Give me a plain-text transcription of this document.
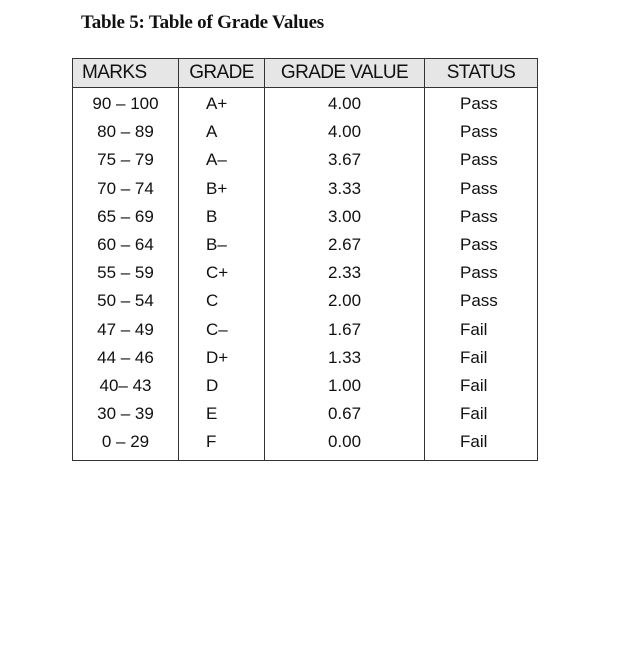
Table 5: Table of Grade Values
MARKS	GRADE	GRADE VALUE	STATUS
90 – 100	A+	4.00	Pass
80 – 89	A	4.00	Pass
75 – 79	A–	3.67	Pass
70 – 74	B+	3.33	Pass
65 – 69	B	3.00	Pass
60 – 64	B–	2.67	Pass
55 – 59	C+	2.33	Pass
50 – 54	C	2.00	Pass
47 – 49	C–	1.67	Fail
44 – 46	D+	1.33	Fail
40– 43	D	1.00	Fail
30 – 39	E	0.67	Fail
0 – 29	F	0.00	Fail
